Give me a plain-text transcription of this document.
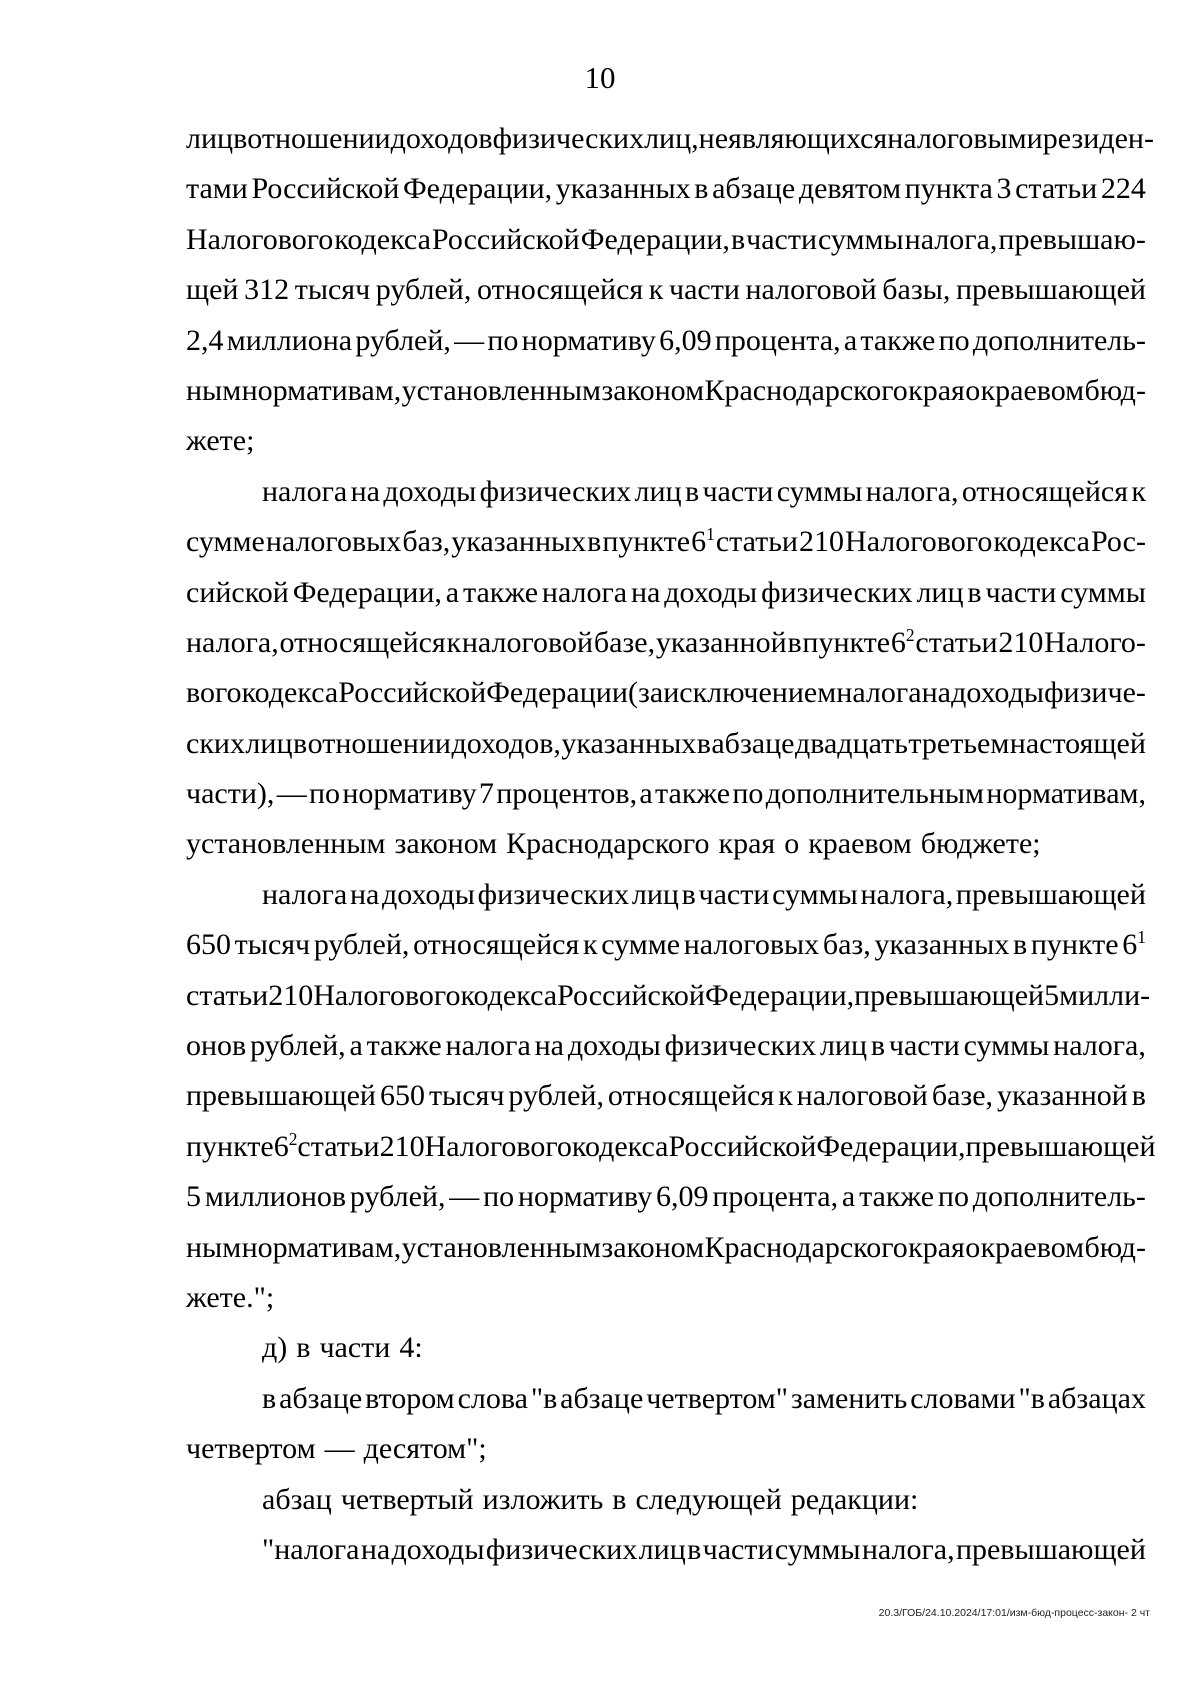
10
лиц в отношении доходов физических лиц, не являющихся налоговыми резиден-
тами Российской Федерации, указанных в абзаце девятом пункта 3 статьи 224
Налогового кодекса Российской Федерации, в части суммы налога, превышаю-
щей 312 тысяч рублей, относящейся к части налоговой базы, превышающей
2,4 миллиона рублей, — по нормативу 6,09 процента, а также по дополнитель-
ным нормативам, установленным законом Краснодарского края о краевом бюд-
жете;
налога на доходы физических лиц в части суммы налога, относящейся к
сумме налоговых баз, указанных в пункте $6^1$ статьи 210 Налогового кодекса Рос-
сийской Федерации, а также налога на доходы физических лиц в части суммы
налога, относящейся к налоговой базе, указанной в пункте $6^2$ статьи 210 Налого-
вого кодекса Российской Федерации (за исключением налога на доходы физиче-
ских лиц в отношении доходов, указанных в абзаце двадцать третьем настоящей
части), — по нормативу 7 процентов, а также по дополнительным нормативам,
установленным законом Краснодарского края о краевом бюджете;
налога на доходы физических лиц в части суммы налога, превышающей
650 тысяч рублей, относящейся к сумме налоговых баз, указанных в пункте $6^1$
статьи 210 Налогового кодекса Российской Федерации, превышающей 5 милли-
онов рублей, а также налога на доходы физических лиц в части суммы налога,
превышающей 650 тысяч рублей, относящейся к налоговой базе, указанной в
пункте $6^2$ статьи 210 Налогового кодекса Российской Федерации, превышающей
5 миллионов рублей, — по нормативу 6,09 процента, а также по дополнитель-
ным нормативам, установленным законом Краснодарского края о краевом бюд-
жете.";
д) в части 4:
в абзаце втором слова "в абзаце четвертом" заменить словами "в абзацах
четвертом — десятом";
абзац четвертый изложить в следующей редакции:
"налога на доходы физических лиц в части суммы налога, превышающей
20.3/ГОБ/24.10.2024/17:01/изм-бюд-процесс-закон- 2 чт
